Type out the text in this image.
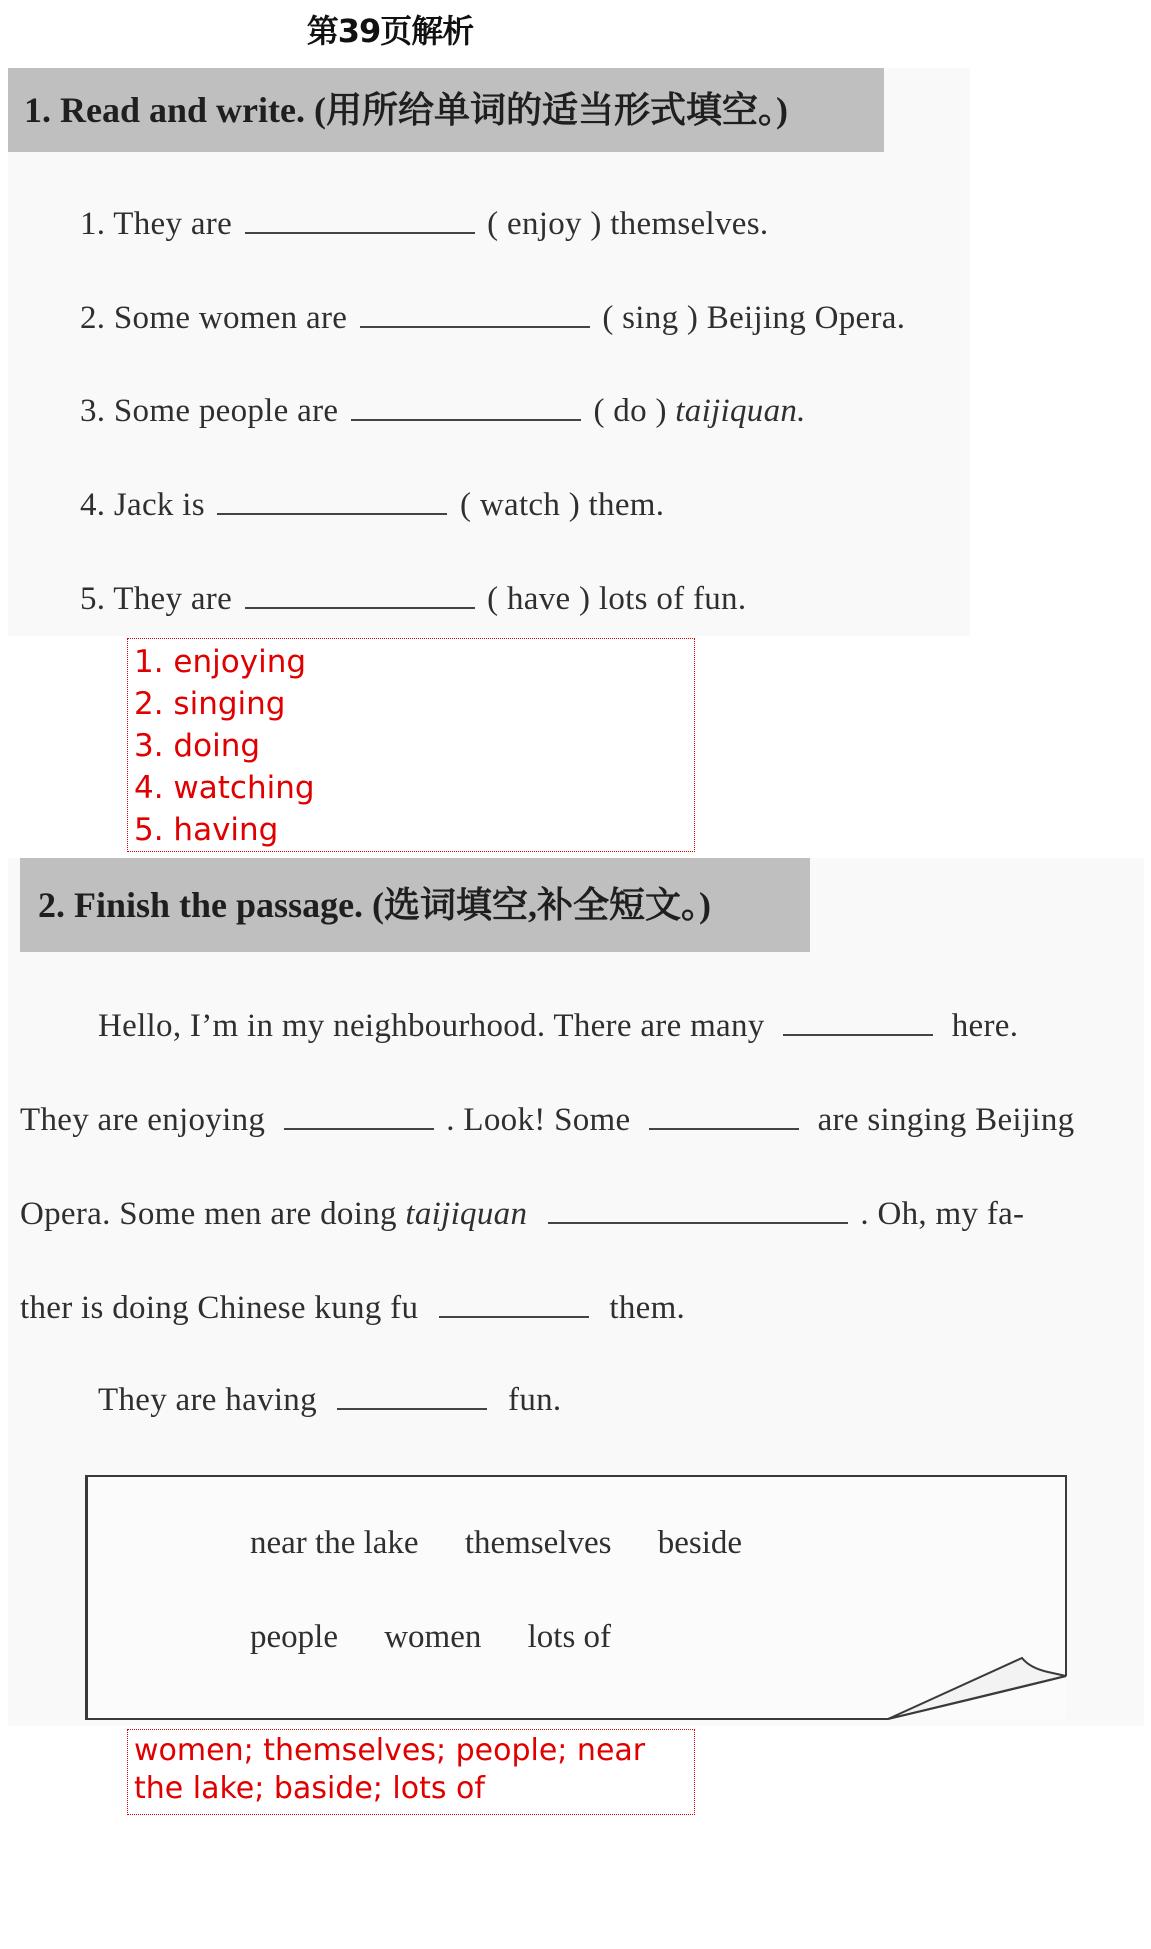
第39页解析
1. Read and write. (用所给单词的适当形式填空。)
1. They are	( enjoy ) themselves.
2. Some women are	( sing ) Beijing Opera.
3. Some people are	( do ) taijiquan.
4. Jack is	( watch ) them.
5. They are	( have ) lots of fun.
1. enjoying
2. singing
3. doing
4. watching
5. having
2. Finish the passage. (选词填空,补全短文。)
Hello, I’m in my neighbourhood. There are many	here.
They are enjoying	. Look! Some	are singing Beijing
Opera. Some men are doing taijiquan	. Oh, my fa-
ther is doing Chinese kung fu	them.
They are having	fun.
near the lake themselves beside
people women lots of
women; themselves; people; near the lake; baside; lots of
